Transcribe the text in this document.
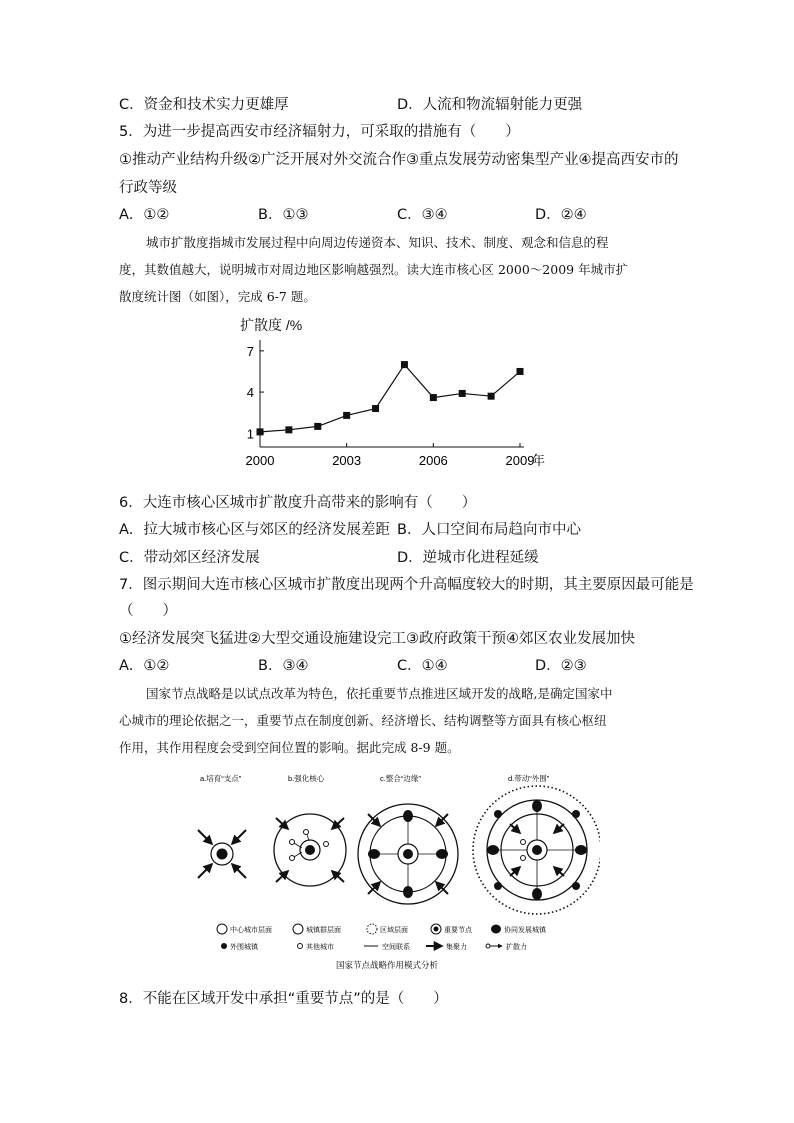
C．资金和技术实力更雄厚	D．人流和物流辐射能力更强
5．为进一步提高西安市经济辐射力，可采取的措施有（　　）
①推动产业结构升级②广泛开展对外交流合作③重点发展劳动密集型产业④提高西安市的
行政等级
A．①②	B．①③	C．③④	D．②④
城市扩散度指城市发展过程中向周边传递资本、知识、技术、制度、观念和信息的程
度，其数值越大，说明城市对周边地区影响越强烈。读大连市核心区 2000～2009 年城市扩
散度统计图（如图），完成 6-7 题。
扩散度 /%
1
4
7
2000	2003	2006	2009
年
6．大连市核心区城市扩散度升高带来的影响有（　　）
A．拉大城市核心区与郊区的经济发展差距 B．人口空间布局趋向市中心
C．带动郊区经济发展	D．逆城市化进程延缓
7．图示期间大连市核心区城市扩散度出现两个升高幅度较大的时期，其主要原因最可能是
（　　）
①经济发展突飞猛进②大型交通设施建设完工③政府政策干预④郊区农业发展加快
A．①②	B．③④	C．①④	D．②③
国家节点战略是以试点改革为特色，依托重要节点推进区域开发的战略,是确定国家中
心城市的理论依据之一，重要节点在制度创新、经济增长、结构调整等方面具有核心枢纽
作用，其作用程度会受到空间位置的影响。据此完成 8-9 题。
a.培育“支点”	b.强化核心	c.整合“边缘”	d.带动“外围”
中心城市层面	城镇群层面	区域层面	重要节点	协同发展城镇
外围城镇	其他城市	空间联系	集聚力	扩散力
国家节点战略作用模式分析
8．不能在区域开发中承担“重要节点”的是（　　）
